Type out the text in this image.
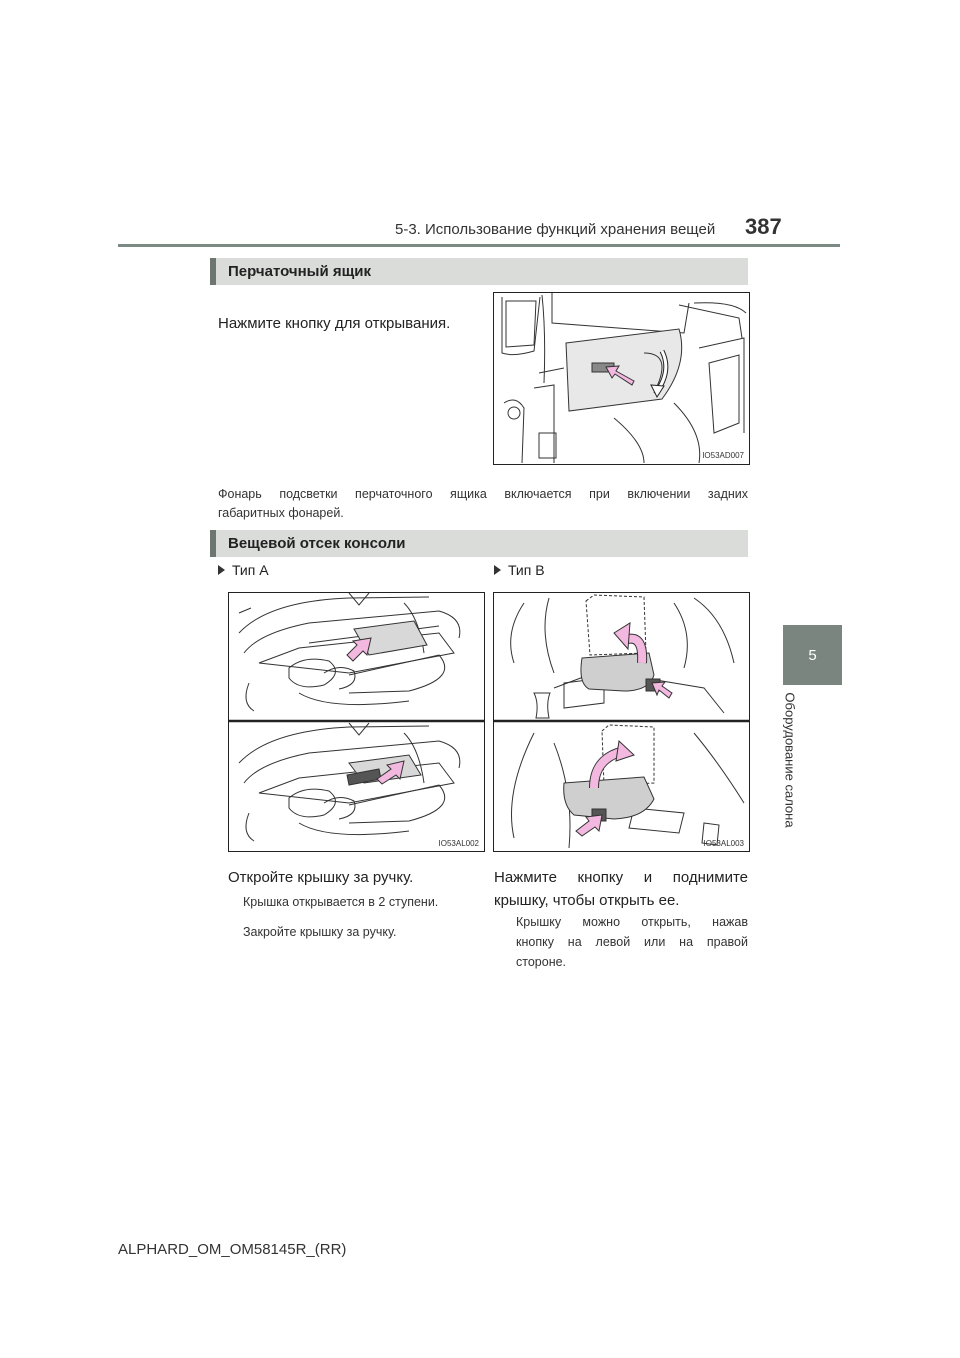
5-3. Использование функций хранения вещей 387
5
Оборудование салона
Перчаточный ящик
Нажмите кнопку для открывания.
IO53AD007
Фонарь подсветки перчаточного ящика включается при включении задних
габаритных фонарей.
Вещевой отсек консоли
Тип А	Тип B
IO53AL002	IO53AL003
Откройте крышку за ручку.
Крышка открывается в 2 ступени.
Закройте крышку за ручку.
Нажмите кнопку и поднимите
крышку, чтобы открыть ее.
Крышку можно открыть, нажав
кнопку на левой или на правой
стороне.
ALPHARD_OM_OM58145R_(RR)
